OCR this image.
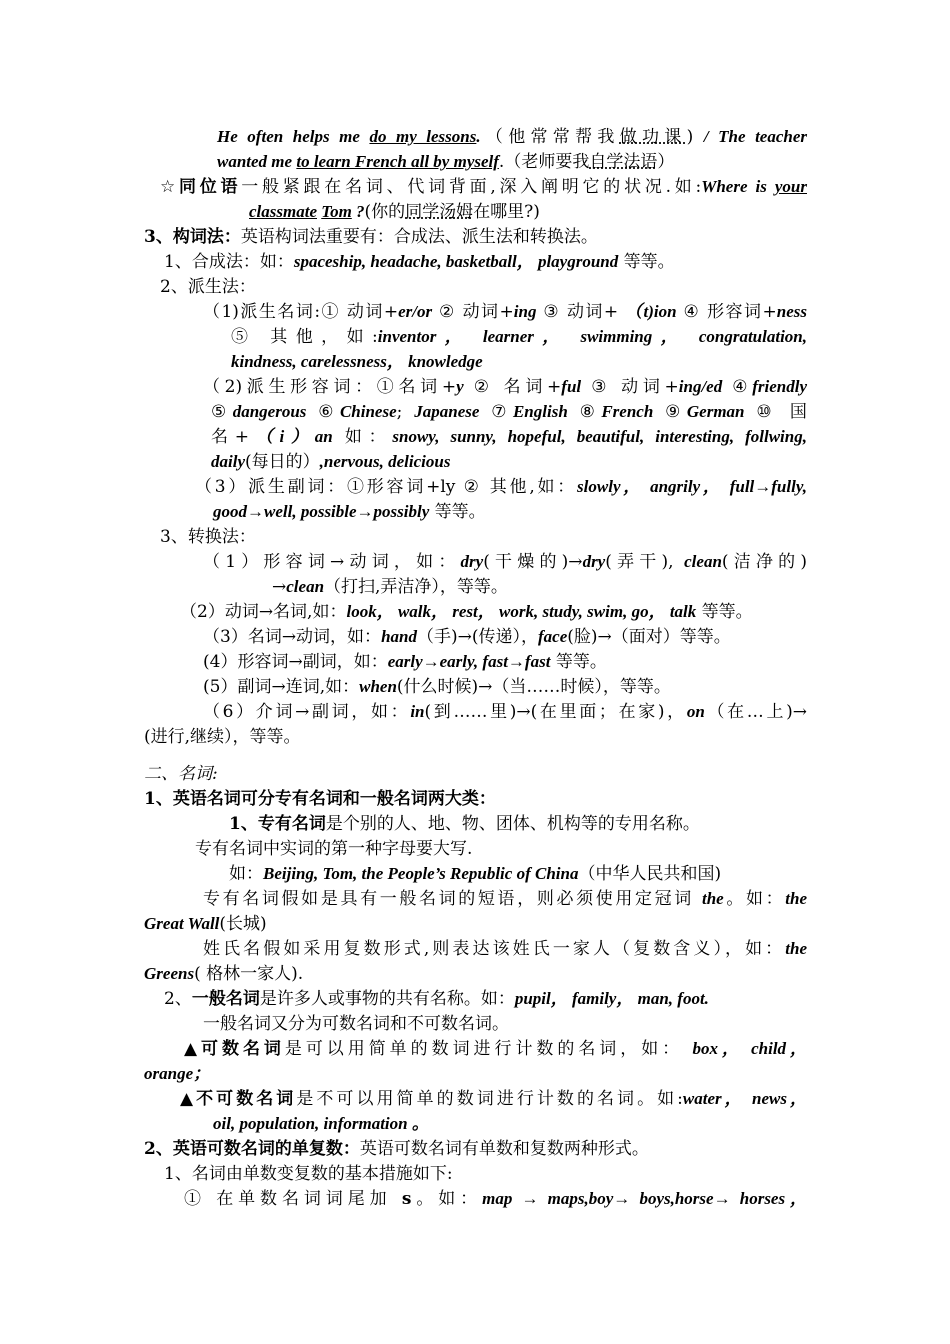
He often helps me do my lessons.（他常常帮我做功课) / The teacher
wanted me to learn French all by myself.（老师要我自学法语）
☆同位语一般紧跟在名词、代词背面,深入阐明它的状况.如:Where is your
classmate Tom ?(你的同学汤姆在哪里?)
3、构词法：英语构词法重要有：合成法、派生法和转换法。
1、合成法：如：spaceship, headache, basketball， playground 等等。
2、派生法：
（1)派生名词:① 动词+er/or ② 动词+ing ③ 动词+ （t)ion ④ 形容词+ness
⑤ 其他，如:inventor， learner， swimming， congratulation,
kindness, carelessness， knowledge
（2)派生形容词：①名词+y ② 名词+ful ③ 动词+ing/ed ④friendly
⑤dangerous ⑥Chinese; Japanese ⑦English ⑧French ⑨German ⑩ 国
名+（i）an 如：snowy, sunny, hopeful, beautiful, interesting, follwing,
daily(每日的）,nervous, delicious
（3）派生副词：①形容词+ly ② 其他,如：slowly， angrily， full→fully,
good→well, possible→possibly 等等。
3、转换法：
（1）形容词→动词，如：dry(干燥的)→dry(弄干), clean(洁净的)
→clean（打扫,弄洁净），等等。
（2）动词→名词,如：look， walk， rest， work, study, swim, go， talk 等等。
（3）名词→动词，如：hand（手)→(传递），face(脸)→（面对）等等。
(4）形容词→副词，如：early→early, fast→fast 等等。
(5）副词→连词,如：when(什么时候)→（当……时候），等等。
（6）介词→副词，如：in(到……里)→(在里面；在家)，on（在…上)→
(进行,继续），等等。
二、名词:
1、英语名词可分专有名词和一般名词两大类：
1、专有名词是个别的人、地、物、团体、机构等的专用名称。
专有名词中实词的第一种字母要大写.
如：Beijing, Tom, the People’s Republic of China（中华人民共和国)
专有名词假如是具有一般名词的短语，则必须使用定冠词 the。如：the
Great Wall(长城)
姓氏名假如采用复数形式,则表达该姓氏一家人（复数含义），如：the
Greens( 格林一家人).
2、一般名词是许多人或事物的共有名称。如：pupil， family， man, foot.
一般名词又分为可数名词和不可数名词。
▲可数名词是可以用简单的数词进行计数的名词，如： box， child，
orange；
▲不可数名词是不可以用简单的数词进行计数的名词。如:water， news，
oil, population, information 。
2、英语可数名词的单复数：英语可数名词有单数和复数两种形式。
1、名词由单数变复数的基本措施如下:
① 在单数名词词尾加 s。如：map → maps,boy→ boys,horse→ horses，
